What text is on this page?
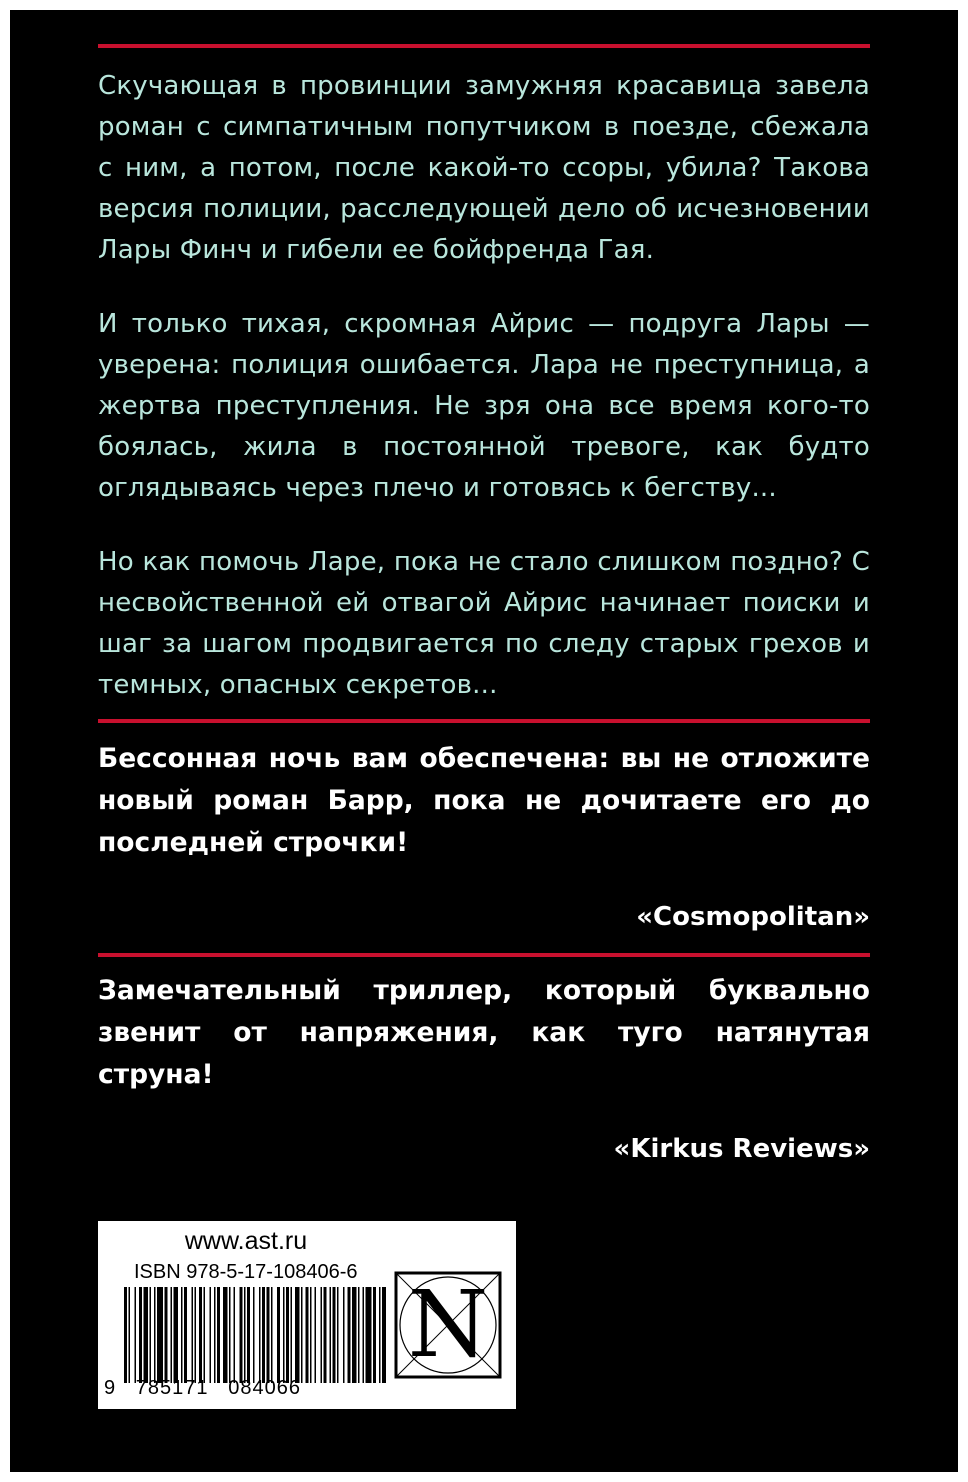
Скучающая в провинции замужняя красавица завела роман с симпатичным попутчиком в поезде, сбежала с ним, а потом, после какой-то ссоры, убила? Такова версия полиции, расследующей дело об исчезновении Лары Финч и гибели ее бойфренда Гая.
И только тихая, скромная Айрис — подруга Лары — уверена: полиция ошибается. Лара не преступница, а жертва преступления. Не зря она все время кого-то боялась, жила в постоянной тревоге, как будто оглядываясь через плечо и готовясь к бегству...
Но как помочь Ларе, пока не стало слишком поздно? С несвойственной ей отвагой Айрис начинает поиски и шаг за шагом продвигается по следу старых грехов и темных, опасных секретов...
Бессонная ночь вам обеспечена: вы не отложите новый роман Барр, пока не дочитаете его до последней строчки!
«Cosmopolitan»
Замечательный триллер, который буквально звенит от напряжения, как туго натянутая струна!
«Kirkus Reviews»
www.ast.ru
ISBN 978-5-17-108406-6
9   785171   084066
N
